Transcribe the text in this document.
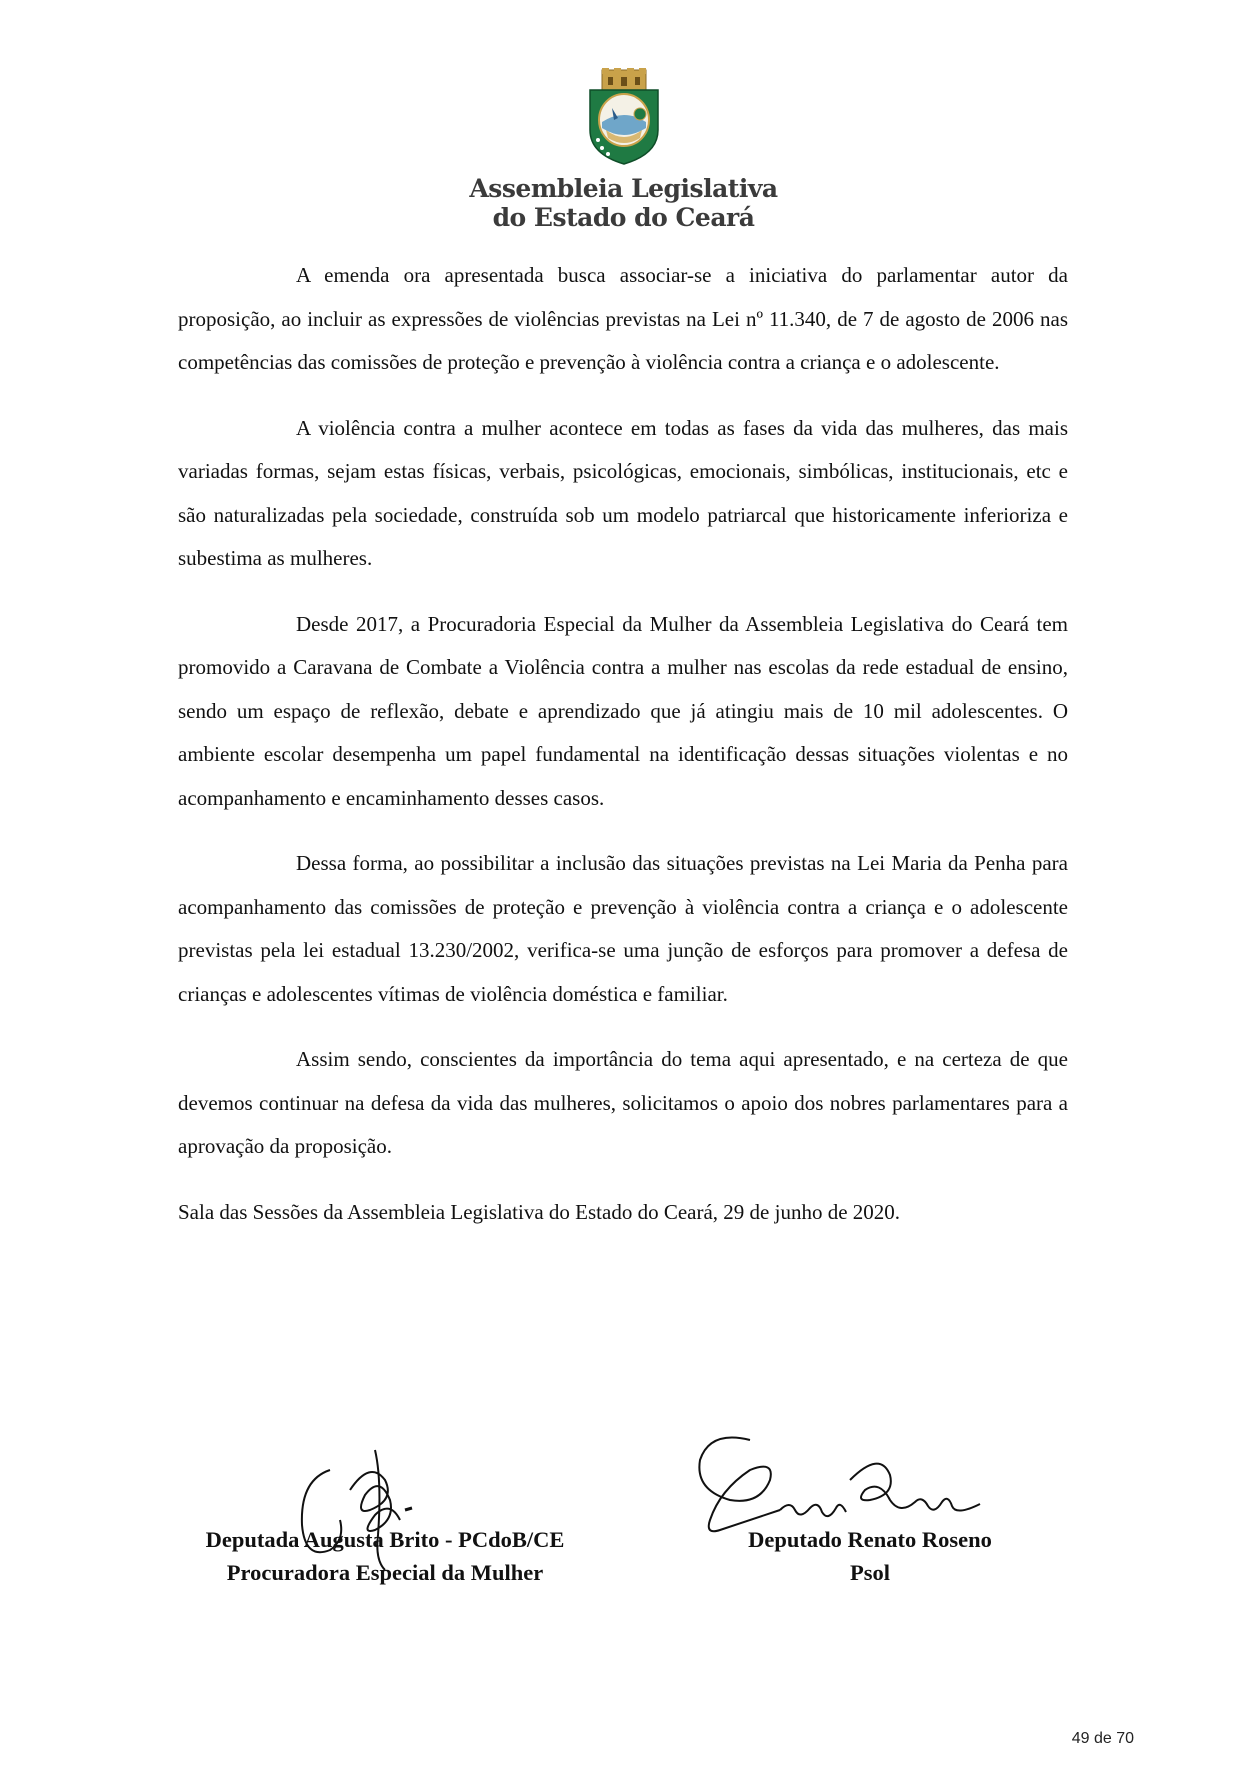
Assembleia Legislativa
do Estado do Ceará

A emenda ora apresentada busca associar-se a iniciativa do parlamentar autor da proposição, ao incluir as expressões de violências previstas na Lei nº 11.340, de 7 de agosto de 2006 nas competências das comissões de proteção e prevenção à violência contra a criança e o adolescente.

A violência contra a mulher acontece em todas as fases da vida das mulheres, das mais variadas formas, sejam estas físicas, verbais, psicológicas, emocionais, simbólicas, institucionais, etc e são naturalizadas pela sociedade, construída sob um modelo patriarcal que historicamente inferioriza e subestima as mulheres.

Desde 2017, a Procuradoria Especial da Mulher da Assembleia Legislativa do Ceará tem promovido a Caravana de Combate a Violência contra a mulher nas escolas da rede estadual de ensino, sendo um espaço de reflexão, debate e aprendizado que já atingiu mais de 10 mil adolescentes. O ambiente escolar desempenha um papel fundamental na identificação dessas situações violentas e no acompanhamento e encaminhamento desses casos.

Dessa forma, ao possibilitar a inclusão das situações previstas na Lei Maria da Penha para acompanhamento das comissões de proteção e prevenção à violência contra a criança e o adolescente previstas pela lei estadual 13.230/2002, verifica-se uma junção de esforços para promover a defesa de crianças e adolescentes vítimas de violência doméstica e familiar.

Assim sendo, conscientes da importância do tema aqui apresentado, e na certeza de que devemos continuar na defesa da vida das mulheres, solicitamos o apoio dos nobres parlamentares para a aprovação da proposição.

Sala das Sessões da Assembleia Legislativa do Estado do Ceará, 29 de junho de 2020.

Deputada Augusta Brito - PCdoB/CE
Procuradora Especial da Mulher
Deputado Renato Roseno
Psol
49 de 70
